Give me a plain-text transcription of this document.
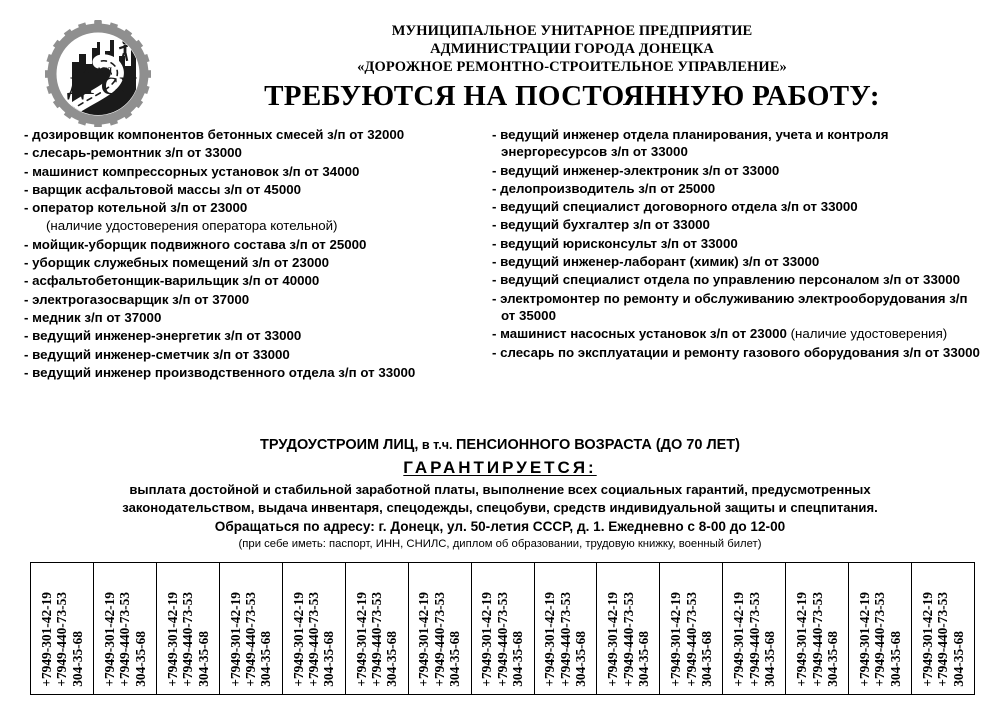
МУП АГД
ДРСУ
МУНИЦИПАЛЬНОЕ УНИТАРНОЕ ПРЕДПРИЯТИЕ
АДМИНИСТРАЦИИ ГОРОДА ДОНЕЦКА
«ДОРОЖНОЕ РЕМОНТНО-СТРОИТЕЛЬНОЕ УПРАВЛЕНИЕ»
ТРЕБУЮТСЯ НА ПОСТОЯННУЮ РАБОТУ:
- дозировщик компонентов бетонных смесей з/п от 32000
- слесарь-ремонтник з/п от 33000
- машинист компрессорных установок з/п от 34000
- варщик асфальтовой массы з/п от 45000
- оператор котельной з/п от 23000
(наличие удостоверения оператора котельной)
- мойщик-уборщик подвижного состава з/п от 25000
- уборщик служебных помещений з/п от 23000
- асфальтобетонщик-варильщик з/п от 40000
- электрогазосварщик з/п от 37000
- медник з/п от 37000
- ведущий инженер-энергетик з/п от 33000
- ведущий инженер-сметчик з/п от 33000
- ведущий инженер производственного отдела з/п от 33000
- ведущий инженер отдела планирования, учета и контроля энергоресурсов з/п от 33000
- ведущий инженер-электроник з/п от 33000
- делопроизводитель з/п от 25000
- ведущий специалист договорного отдела з/п от 33000
- ведущий бухгалтер з/п от 33000
- ведущий юрисконсульт з/п от 33000
- ведущий инженер-лаборант (химик) з/п от 33000
- ведущий специалист отдела по управлению персоналом з/п от 33000
- электромонтер по ремонту и обслуживанию электрооборудования з/п от 35000
- машинист насосных установок з/п от 23000 (наличие удостоверения)
- слесарь по эксплуатации и ремонту газового оборудования з/п от 33000
ТРУДОУСТРОИМ ЛИЦ, в т.ч. ПЕНСИОННОГО ВОЗРАСТА (ДО 70 ЛЕТ)
ГАРАНТИРУЕТСЯ:
выплата достойной и стабильной заработной платы, выполнение всех социальных гарантий, предусмотренных
законодательством, выдача инвентаря, спецодежды, спецобуви, средств индивидуальной защиты и спецпитания.
Обращаться по адресу: г. Донецк, ул. 50-летия СССР, д. 1. Ежедневно с 8-00 до 12-00
(при себе иметь: паспорт, ИНН, СНИЛС, диплом об образовании, трудовую книжку, военный билет)
304-35-68
+7949-440-73-53
+7949-301-42-19	304-35-68
+7949-440-73-53
+7949-301-42-19	304-35-68
+7949-440-73-53
+7949-301-42-19	304-35-68
+7949-440-73-53
+7949-301-42-19	304-35-68
+7949-440-73-53
+7949-301-42-19	304-35-68
+7949-440-73-53
+7949-301-42-19	304-35-68
+7949-440-73-53
+7949-301-42-19	304-35-68
+7949-440-73-53
+7949-301-42-19	304-35-68
+7949-440-73-53
+7949-301-42-19	304-35-68
+7949-440-73-53
+7949-301-42-19	304-35-68
+7949-440-73-53
+7949-301-42-19	304-35-68
+7949-440-73-53
+7949-301-42-19	304-35-68
+7949-440-73-53
+7949-301-42-19	304-35-68
+7949-440-73-53
+7949-301-42-19	304-35-68
+7949-440-73-53
+7949-301-42-19
